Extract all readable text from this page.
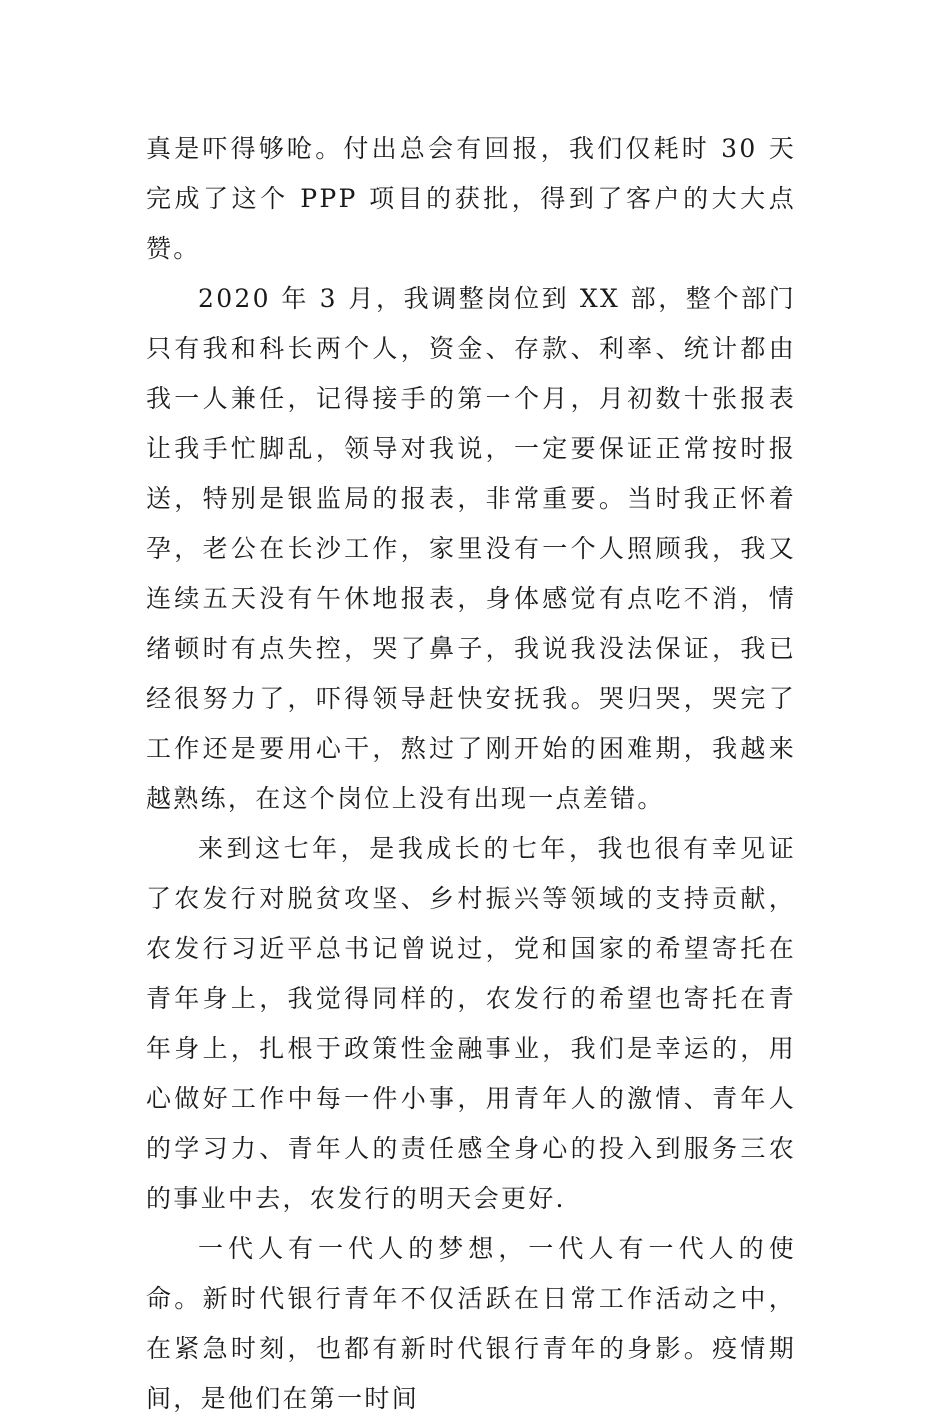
真是吓得够呛。付出总会有回报，我们仅耗时 30 天完成了这个 PPP 项目的获批，得到了客户的大大点赞。

2020 年 3 月，我调整岗位到 XX 部，整个部门只有我和科长两个人，资金、存款、利率、统计都由我一人兼任，记得接手的第一个月，月初数十张报表让我手忙脚乱，领导对我说，一定要保证正常按时报送，特别是银监局的报表，非常重要。当时我正怀着孕，老公在长沙工作，家里没有一个人照顾我，我又连续五天没有午休地报表，身体感觉有点吃不消，情绪顿时有点失控，哭了鼻子，我说我没法保证，我已经很努力了，吓得领导赶快安抚我。哭归哭，哭完了工作还是要用心干，熬过了刚开始的困难期，我越来越熟练，在这个岗位上没有出现一点差错。

来到这七年，是我成长的七年，我也很有幸见证了农发行对脱贫攻坚、乡村振兴等领域的支持贡献，农发行习近平总书记曾说过，党和国家的希望寄托在青年身上，我觉得同样的，农发行的希望也寄托在青年身上，扎根于政策性金融事业，我们是幸运的，用心做好工作中每一件小事，用青年人的激情、青年人的学习力、青年人的责任感全身心的投入到服务三农的事业中去，农发行的明天会更好.

一代人有一代人的梦想，一代人有一代人的使命。新时代银行青年不仅活跃在日常工作活动之中，在紧急时刻，也都有新时代银行青年的身影。疫情期间，是他们在第一时间
